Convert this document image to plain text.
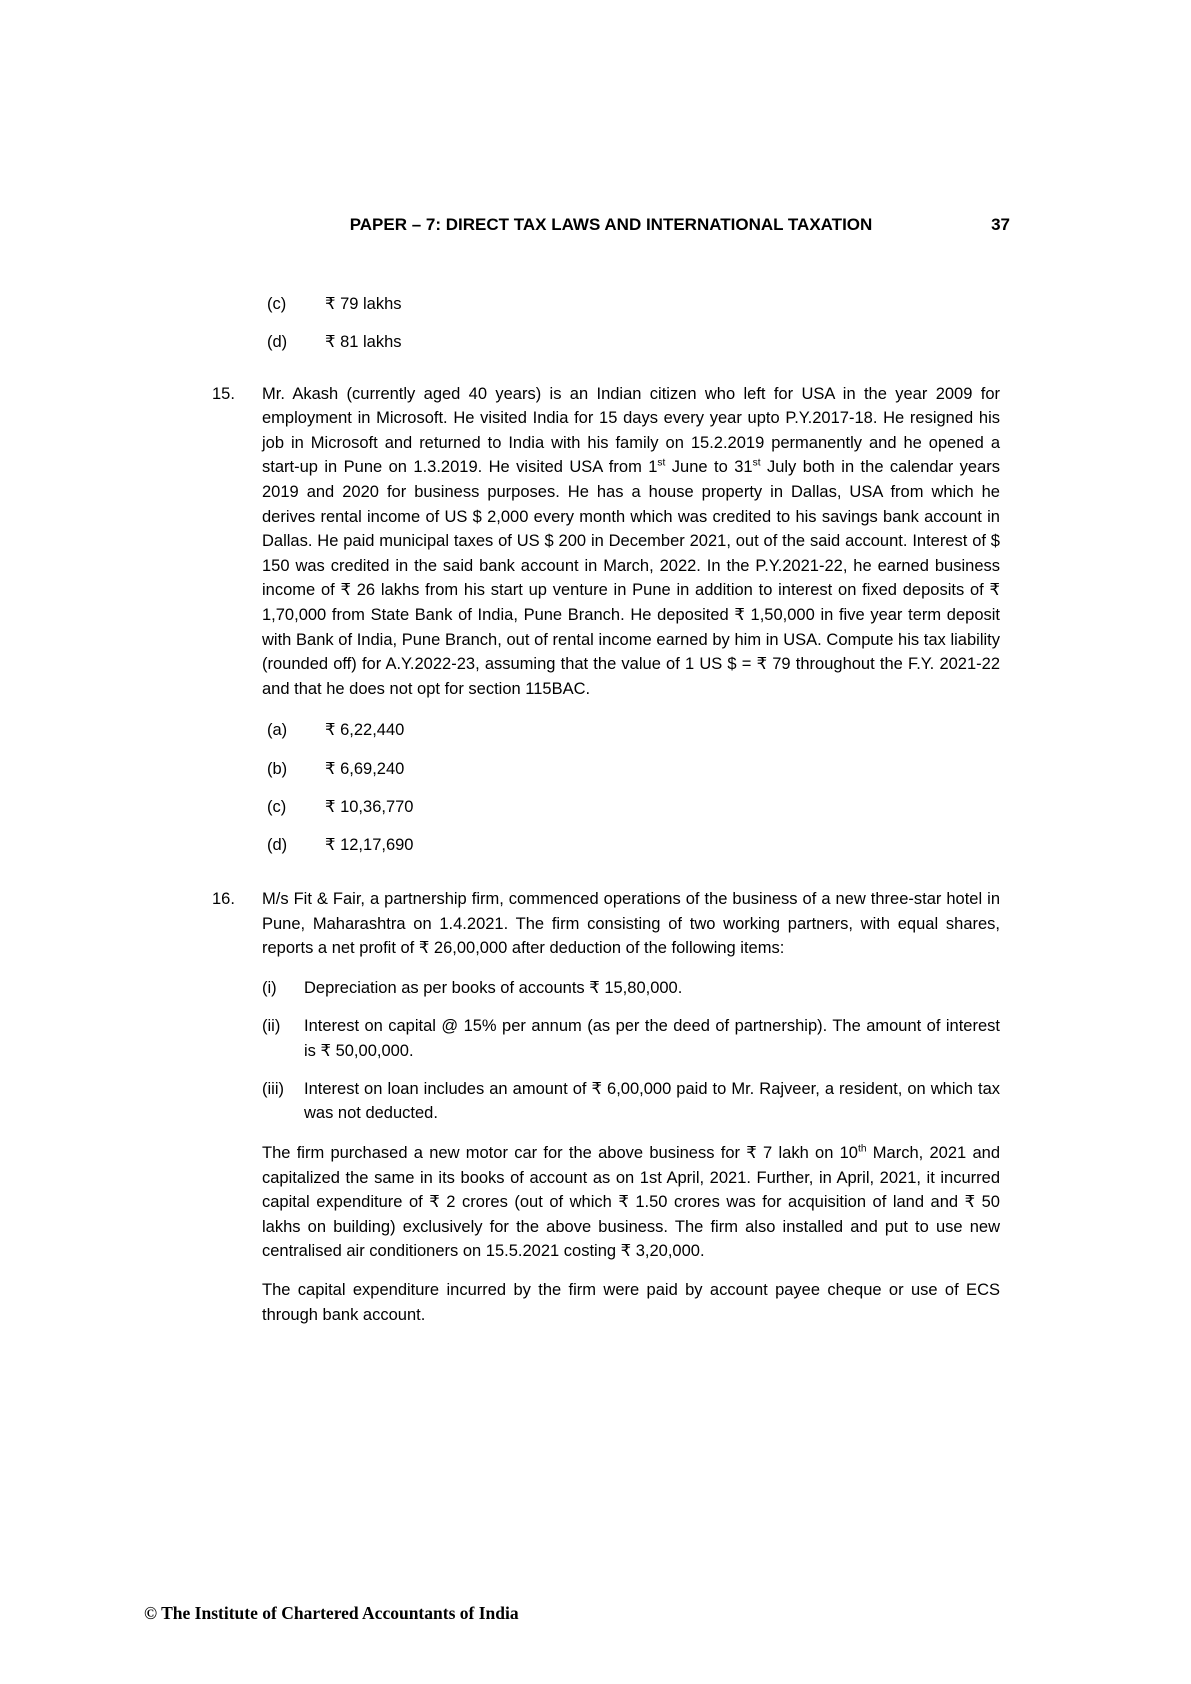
PAPER – 7: DIRECT TAX LAWS AND INTERNATIONAL TAXATION	37
(c)	₹ 79 lakhs
(d)	₹ 81 lakhs
15.	Mr. Akash (currently aged 40 years) is an Indian citizen who left for USA in the year 2009 for employment in Microsoft. He visited India for 15 days every year upto P.Y.2017-18. He resigned his job in Microsoft and returned to India with his family on 15.2.2019 permanently and he opened a start-up in Pune on 1.3.2019. He visited USA from 1st June to 31st July both in the calendar years 2019 and 2020 for business purposes. He has a house property in Dallas, USA from which he derives rental income of US $ 2,000 every month which was credited to his savings bank account in Dallas. He paid municipal taxes of US $ 200 in December 2021, out of the said account. Interest of $ 150 was credited in the said bank account in March, 2022. In the P.Y.2021-22, he earned business income of ₹ 26 lakhs from his start up venture in Pune in addition to interest on fixed deposits of ₹ 1,70,000 from State Bank of India, Pune Branch. He deposited ₹ 1,50,000 in five year term deposit with Bank of India, Pune Branch, out of rental income earned by him in USA. Compute his tax liability (rounded off) for A.Y.2022-23, assuming that the value of 1 US $ = ₹ 79 throughout the F.Y. 2021-22 and that he does not opt for section 115BAC.

(a)	₹ 6,22,440
(b)	₹ 6,69,240
(c)	₹ 10,36,770
(d)	₹ 12,17,690
16.	M/s Fit & Fair, a partnership firm, commenced operations of the business of a new three-star hotel in Pune, Maharashtra on 1.4.2021. The firm consisting of two working partners, with equal shares, reports a net profit of ₹ 26,00,000 after deduction of the following items:

(i)	Depreciation as per books of accounts ₹ 15,80,000.
(ii)	Interest on capital @ 15% per annum (as per the deed of partnership). The amount of interest is ₹ 50,00,000.
(iii)	Interest on loan includes an amount of ₹ 6,00,000 paid to Mr. Rajveer, a resident, on which tax was not deducted.

The firm purchased a new motor car for the above business for ₹ 7 lakh on 10th March, 2021 and capitalized the same in its books of account as on 1st April, 2021. Further, in April, 2021, it incurred capital expenditure of ₹ 2 crores (out of which ₹ 1.50 crores was for acquisition of land and ₹ 50 lakhs on building) exclusively for the above business. The firm also installed and put to use new centralised air conditioners on 15.5.2021 costing ₹ 3,20,000.

The capital expenditure incurred by the firm were paid by account payee cheque or use of ECS through bank account.

© The Institute of Chartered Accountants of India
